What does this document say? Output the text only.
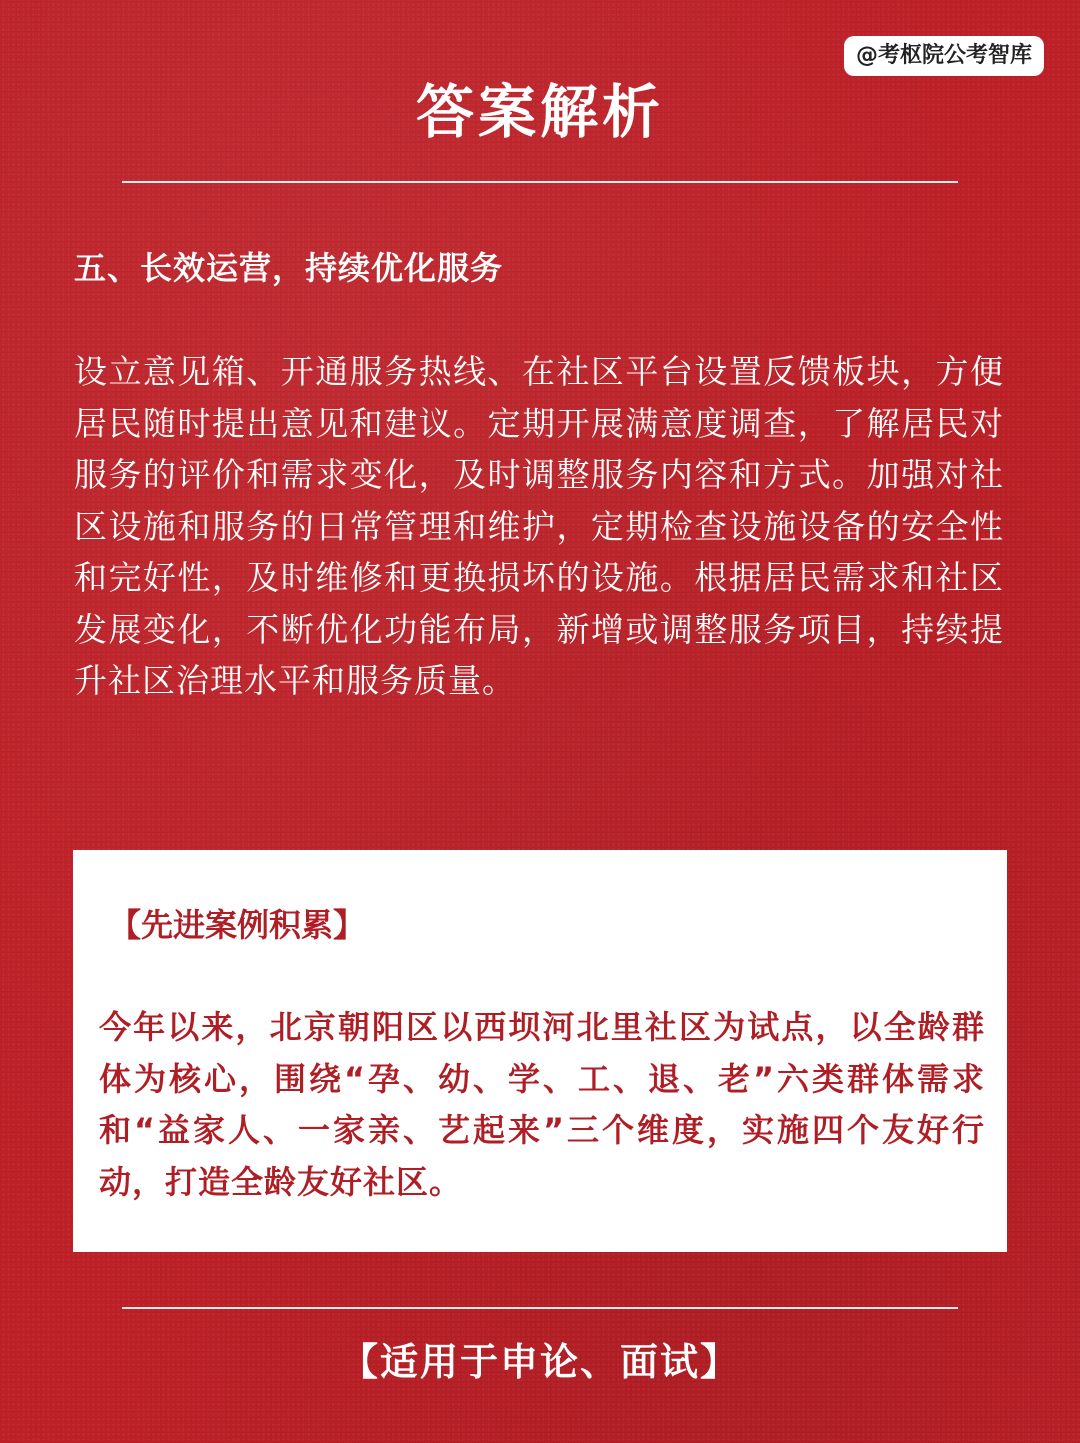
@考枢院公考智库
答案解析
五、长效运营，持续优化服务
设立意见箱、开通服务热线、在社区平台设置反馈板块，方便居民随时提出意见和建议。定期开展满意度调查，了解居民对服务的评价和需求变化，及时调整服务内容和方式。加强对社区设施和服务的日常管理和维护，定期检查设施设备的安全性和完好性，及时维修和更换损坏的设施。根据居民需求和社区发展变化，不断优化功能布局，新增或调整服务项目，持续提升社区治理水平和服务质量。
【先进案例积累】
今年以来，北京朝阳区以西坝河北里社区为试点，以全龄群体为核心，围绕“孕、幼、学、工、退、老”六类群体需求和“益家人、一家亲、艺起来”三个维度，实施四个友好行动，打造全龄友好社区。
【适用于申论、面试】
